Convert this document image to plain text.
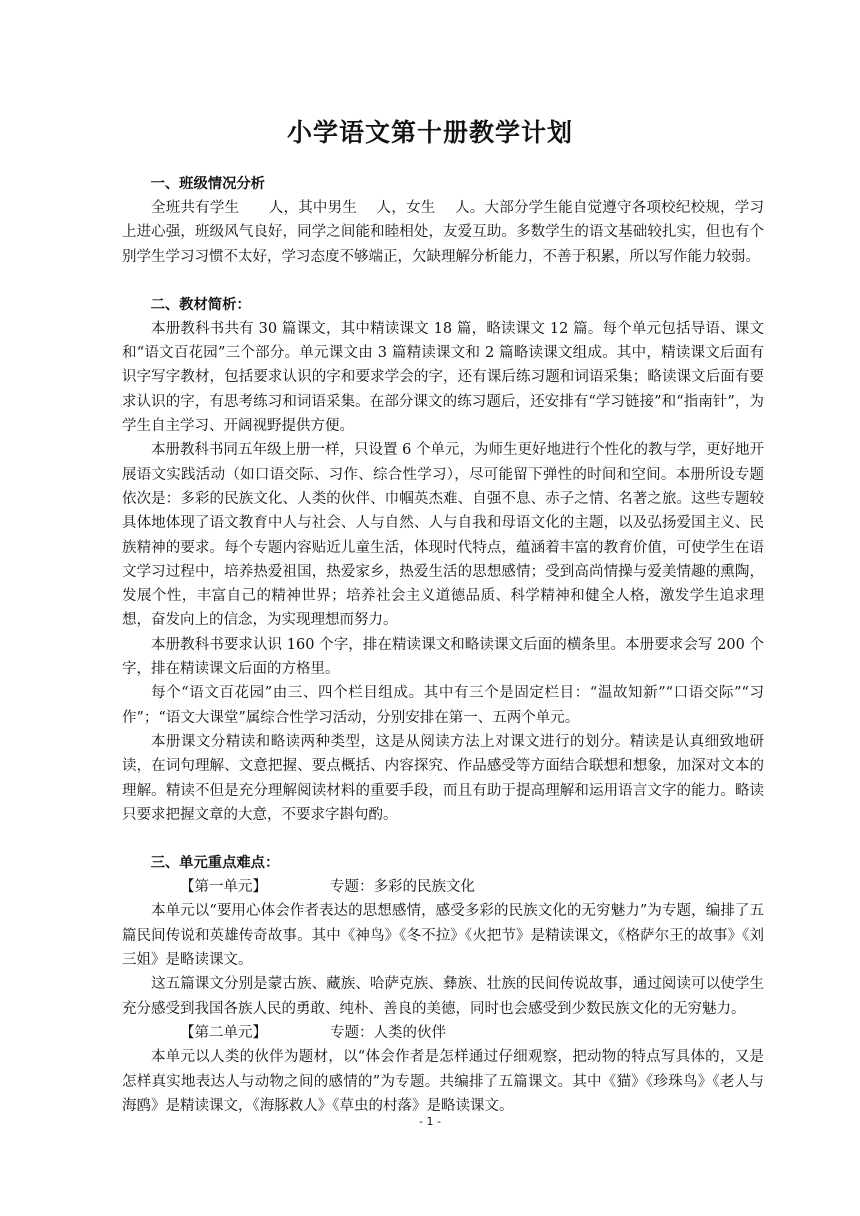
小学语文第十册教学计划

一、班级情况分析

全班共有学生　　人，其中男生　 人，女生　 人。大部分学生能自觉遵守各项校纪校规，学习上进心强，班级风气良好，同学之间能和睦相处，友爱互助。多数学生的语文基础较扎实，但也有个别学生学习习惯不太好，学习态度不够端正，欠缺理解分析能力，不善于积累，所以写作能力较弱。

二、教材简析：

本册教科书共有 30 篇课文，其中精读课文 18 篇，略读课文 12 篇。每个单元包括导语、课文和“语文百花园”三个部分。单元课文由 3 篇精读课文和 2 篇略读课文组成。其中，精读课文后面有识字写字教材，包括要求认识的字和要求学会的字，还有课后练习题和词语采集；略读课文后面有要求认识的字，有思考练习和词语采集。在部分课文的练习题后，还安排有“学习链接”和“指南针”，为学生自主学习、开阔视野提供方便。

本册教科书同五年级上册一样，只设置 6 个单元，为师生更好地进行个性化的教与学，更好地开展语文实践活动（如口语交际、习作、综合性学习），尽可能留下弹性的时间和空间。本册所设专题依次是：多彩的民族文化、人类的伙伴、巾帼英杰难、自强不息、赤子之情、名著之旅。这些专题较具体地体现了语文教育中人与社会、人与自然、人与自我和母语文化的主题，以及弘扬爱国主义、民族精神的要求。每个专题内容贴近儿童生活，体现时代特点，蕴涵着丰富的教育价值，可使学生在语文学习过程中，培养热爱祖国，热爱家乡，热爱生活的思想感情；受到高尚情操与爱美情趣的熏陶，发展个性，丰富自己的精神世界；培养社会主义道德品质、科学精神和健全人格，激发学生追求理想，奋发向上的信念，为实现理想而努力。

本册教科书要求认识 160 个字，排在精读课文和略读课文后面的横条里。本册要求会写 200 个字，排在精读课文后面的方格里。

每个“语文百花园”由三、四个栏目组成。其中有三个是固定栏目：“温故知新”“口语交际”“习作”；“语文大课堂”属综合性学习活动，分别安排在第一、五两个单元。

本册课文分精读和略读两种类型，这是从阅读方法上对课文进行的划分。精读是认真细致地研读，在词句理解、文意把握、要点概括、内容探究、作品感受等方面结合联想和想象，加深对文本的理解。精读不但是充分理解阅读材料的重要手段，而且有助于提高理解和运用语言文字的能力。略读只要求把握文章的大意，不要求字斟句酌。

三、单元重点难点：

【第一单元】	专题：多彩的民族文化

本单元以“要用心体会作者表达的思想感情，感受多彩的民族文化的无穷魅力”为专题，编排了五篇民间传说和英雄传奇故事。其中《神鸟》《冬不拉》《火把节》是精读课文，《格萨尔王的故事》《刘三姐》是略读课文。

这五篇课文分别是蒙古族、藏族、哈萨克族、彝族、壮族的民间传说故事，通过阅读可以使学生充分感受到我国各族人民的勇敢、纯朴、善良的美德，同时也会感受到少数民族文化的无穷魅力。

【第二单元】	专题：人类的伙伴

本单元以人类的伙伴为题材，以“体会作者是怎样通过仔细观察，把动物的特点写具体的，又是怎样真实地表达人与动物之间的感情的”为专题。共编排了五篇课文。其中《猫》《珍珠鸟》《老人与海鸥》是精读课文，《海豚救人》《草虫的村落》是略读课文。

- 1 -
